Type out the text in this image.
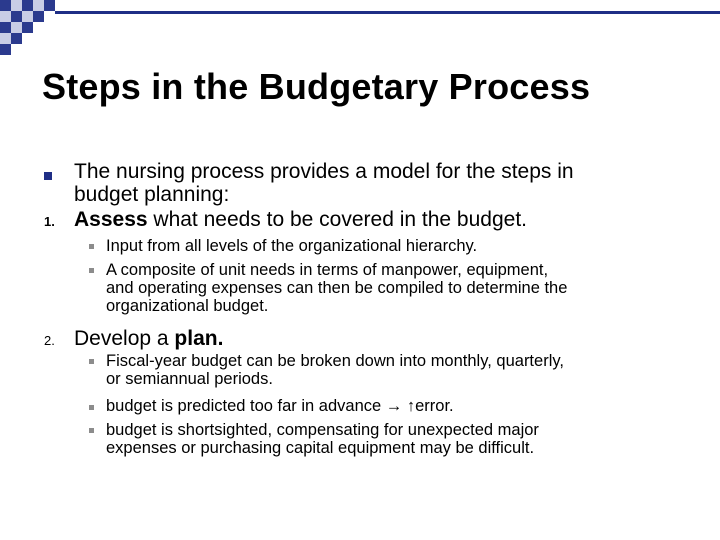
Steps in the Budgetary Process
The nursing process provides a model for the steps in
budget planning:
1. Assess what needs to be covered in the budget.
Input from all levels of the organizational hierarchy.
A composite of unit needs in terms of manpower, equipment,
and operating expenses can then be compiled to determine the
organizational budget.
2. Develop a plan.
Fiscal-year budget can be broken down into monthly, quarterly,
or semiannual periods.
budget is predicted too far in advance → ↑error.
budget is shortsighted, compensating for unexpected major
expenses or purchasing capital equipment may be difficult.
